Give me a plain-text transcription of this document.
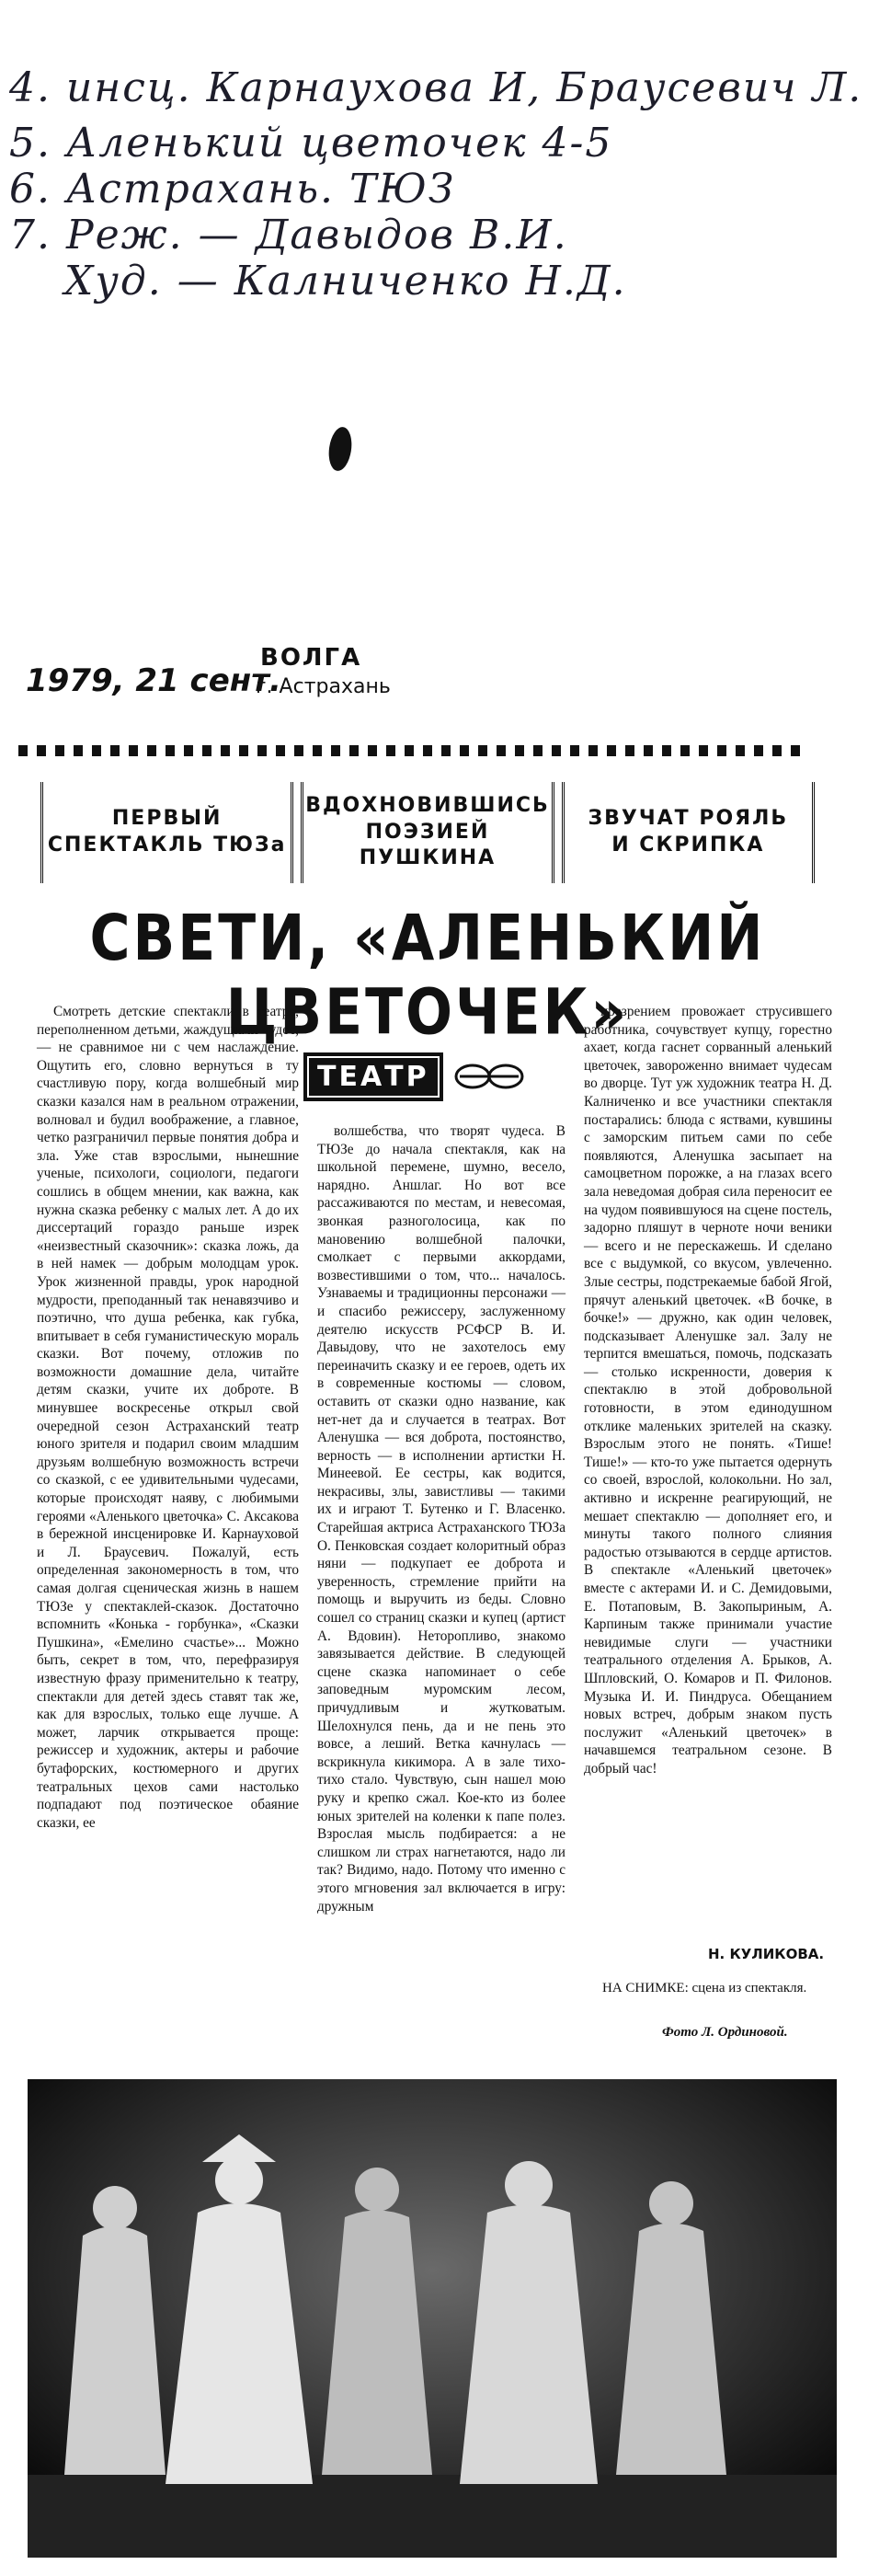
4. инсц. Карнауховa И, Браусевич Л.
5. Аленький цветочек 4-5
6. Астрахань. ТЮЗ
7. Реж. — Давыдов В.И.
Худ. — Калниченко Н.Д.
1979, 21 сент.
ВОЛГА
г. Астрахань
ПЕРВЫЙ
СПЕКТАКЛЬ ТЮЗа
ВДОХНОВИВШИСЬ
ПОЭЗИЕЙ ПУШКИНА
ЗВУЧАТ РОЯЛЬ
И СКРИПКА
СВЕТИ, «АЛЕНЬКИЙ ЦВЕТОЧЕК»

Смотреть детские спектакли в театре, переполненном детьми, жаждущими чудес, — не сравнимое ни с чем наслаждение. Ощутить его, словно вернуться в ту счастливую пору, когда волшебный мир сказки казался нам в реальном отражении, волновал и будил воображение, а главное, четко разграничил первые понятия добра и зла. Уже став взрослыми, нынешние ученые, психологи, социологи, педагоги сошлись в общем мнении, как важна, как нужна сказка ребенку с малых лет. А до их диссертаций гораздо раньше изрек «неизвестный сказочник»: сказка ложь, да в ней намек — добрым молодцам урок. Урок жизненной правды, урок народной мудрости, преподанный так ненавязчиво и поэтично, что душа ребенка, как губка, впитывает в себя гуманистическую мораль сказки. Вот почему, отложив по возможности домашние дела, читайте детям сказки, учите их доброте. В минувшее воскресенье открыл свой очередной сезон Астраханский театр юного зрителя и подарил своим младшим друзьям волшебную возможность встречи со сказкой, с ее удивительными чудесами, которые происходят наяву, с любимыми героями «Аленького цветочка» С. Аксакова в бережной инсценировке И. Карнауховой и Л. Браусевич. Пожалуй, есть определенная закономерность в том, что самая долгая сценическая жизнь в нашем ТЮЗе у спектаклей-сказок. Достаточно вспомнить «Конька - горбунка», «Сказки Пушкина», «Емелино счастье»... Можно быть, секрет в том, что, перефразируя известную фразу применительно к театру, спектакли для детей здесь ставят так же, как для взрослых, только еще лучше. А может, ларчик открывается проще: режиссер и художник, актеры и рабочие бутафорских, костюмерного и других театральных цехов сами настолько подпадают под поэтическое обаяние сказки, ее

ТЕАТР

волшебства, что творят чудеса. В ТЮЗе до начала спектакля, как на школьной перемене, шумно, весело, нарядно. Аншлаг. Но вот все рассаживаются по местам, и невесомая, звонкая разноголосица, как по мановению волшебной палочки, смолкает с первыми аккордами, возвестившими о том, что... началось. Узнаваемы и традиционны персонажи — и спасибо режиссеру, заслуженному деятелю искусств РСФСР В. И. Давыдову, что не захотелось ему переиначить сказку и ее героев, одеть их в современные костюмы — словом, оставить от сказки одно название, как нет-нет да и случается в театрах. Вот Аленушка — вся доброта, постоянство, верность — в исполнении артистки Н. Минеевой. Ее сестры, как водится, некрасивы, злы, завистливы — такими их и играют Т. Бутенко и Г. Власенко. Старейшая актриса Астраханского ТЮЗа О. Пенковская создает колоритный образ няни — подкупает ее доброта и уверенность, стремление прийти на помощь и выручить из беды. Словно сошел со страниц сказки и купец (артист А. Вдовин). Неторопливо, знакомо завязывается действие. В следующей сцене сказка напоминает о себе заповедным муромским лесом, причудливым и жутковатым. Шелохнулся пень, да и не пень это вовсе, а леший. Ветка качнулась — вскрикнула кикимора. А в зале тихо-тихо стало. Чувствую, сын нашел мою руку и крепко сжал. Кое-кто из более юных зрителей на коленки к папе полез. Взрослая мысль подбирается: а не слишком ли страх нагнетаются, надо ли так? Видимо, надо. Потому что именно с этого мгновения зал включается в игру: дружным

презрением провожает струсившего работника, сочувствует купцу, горестно ахает, когда гаснет сорванный аленький цветочек, завороженно внимает чудесам во дворце. Тут уж художник театра Н. Д. Калниченко и все участники спектакля постарались: блюда с яствами, кувшины с заморским питьем сами по себе появляются, Аленушка засыпает на самоцветном порожке, а на глазах всего зала неведомая добрая сила переносит ее на чудом появившуюся на сцене постель, задорно пляшут в черноте ночи веники — всего и не перескажешь. И сделано все с выдумкой, со вкусом, увлеченно. Злые сестры, подстрекаемые бабой Ягой, прячут аленький цветочек. «В бочке, в бочке!» — дружно, как один человек, подсказывает Аленушке зал. Залу не терпится вмешаться, помочь, подсказать — столько искренности, доверия к спектаклю в этой добровольной готовности, в этом единодушном отклике маленьких зрителей на сказку. Взрослым этого не понять. «Тише! Тише!» — кто-то уже пытается одернуть со своей, взрослой, колокольни. Но зал, активно и искренне реагирующий, не мешает спектаклю — дополняет его, и минуты такого полного слияния радостью отзываются в сердце артистов. В спектакле «Аленький цветочек» вместе с актерами И. и С. Демидовыми, Е. Потаповым, В. Закопыриным, А. Карпиным также принимали участие невидимые слуги — участники театрального отделения А. Брыков, А. Шпловский, О. Комаров и П. Филонов. Музыка И. И. Пиндруса. Обещанием новых встреч, добрым знаком пусть послужит «Аленький цветочек» в начавшемся театральном сезоне. В добрый час!

Н. КУЛИКОВА.
НА СНИМКЕ: сцена из спектакля.
Фото Л. Ординовой.
